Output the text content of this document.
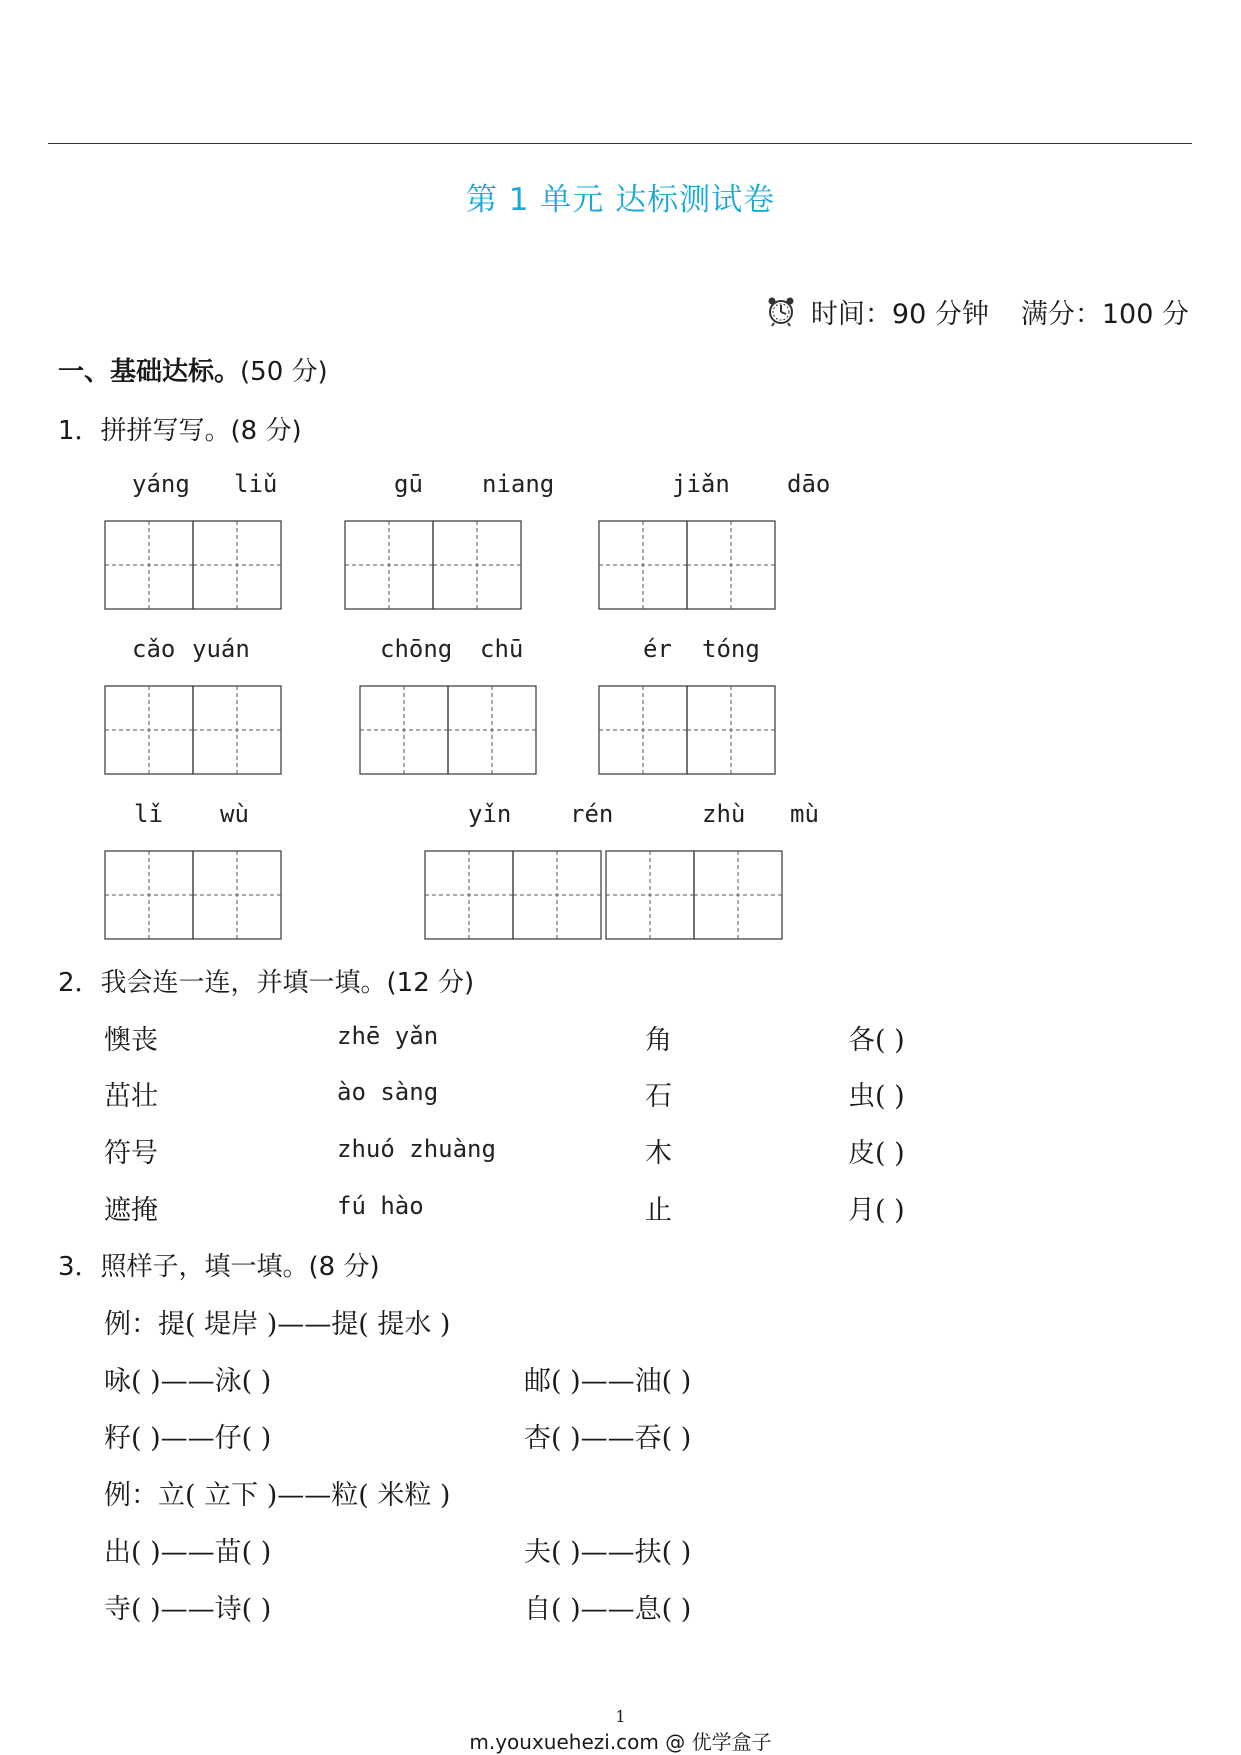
第 1 单元 达标测试卷
时间：90 分钟 满分：100 分
一、基础达标。(50 分)
1．拼拼写写。(8 分)
yáng liǔ	gū niang	jiǎn dāo
cǎo yuán	chōng chū	ér tóng
lǐ wù	yǐn rén	zhù mù
2．我会连一连，并填一填。(12 分)
懊丧	zhē yǎn	角	各( )
茁壮	ào sàng	石	虫( )
符号	zhuó zhuàng	木	皮( )
遮掩	fú hào	止	月( )
3．照样子，填一填。(8 分)
例：提( 堤岸 )——提( 提水 )
咏( )——泳( )	邮( )——油( )
籽( )——仔( )	杏( )——吞( )
例：立( 立下 )——粒( 米粒 )
出( )——苗( )	夫( )——扶( )
寺( )——诗( )	自( )——息( )
1
m.youxuehezi.com @ 优学盒子
